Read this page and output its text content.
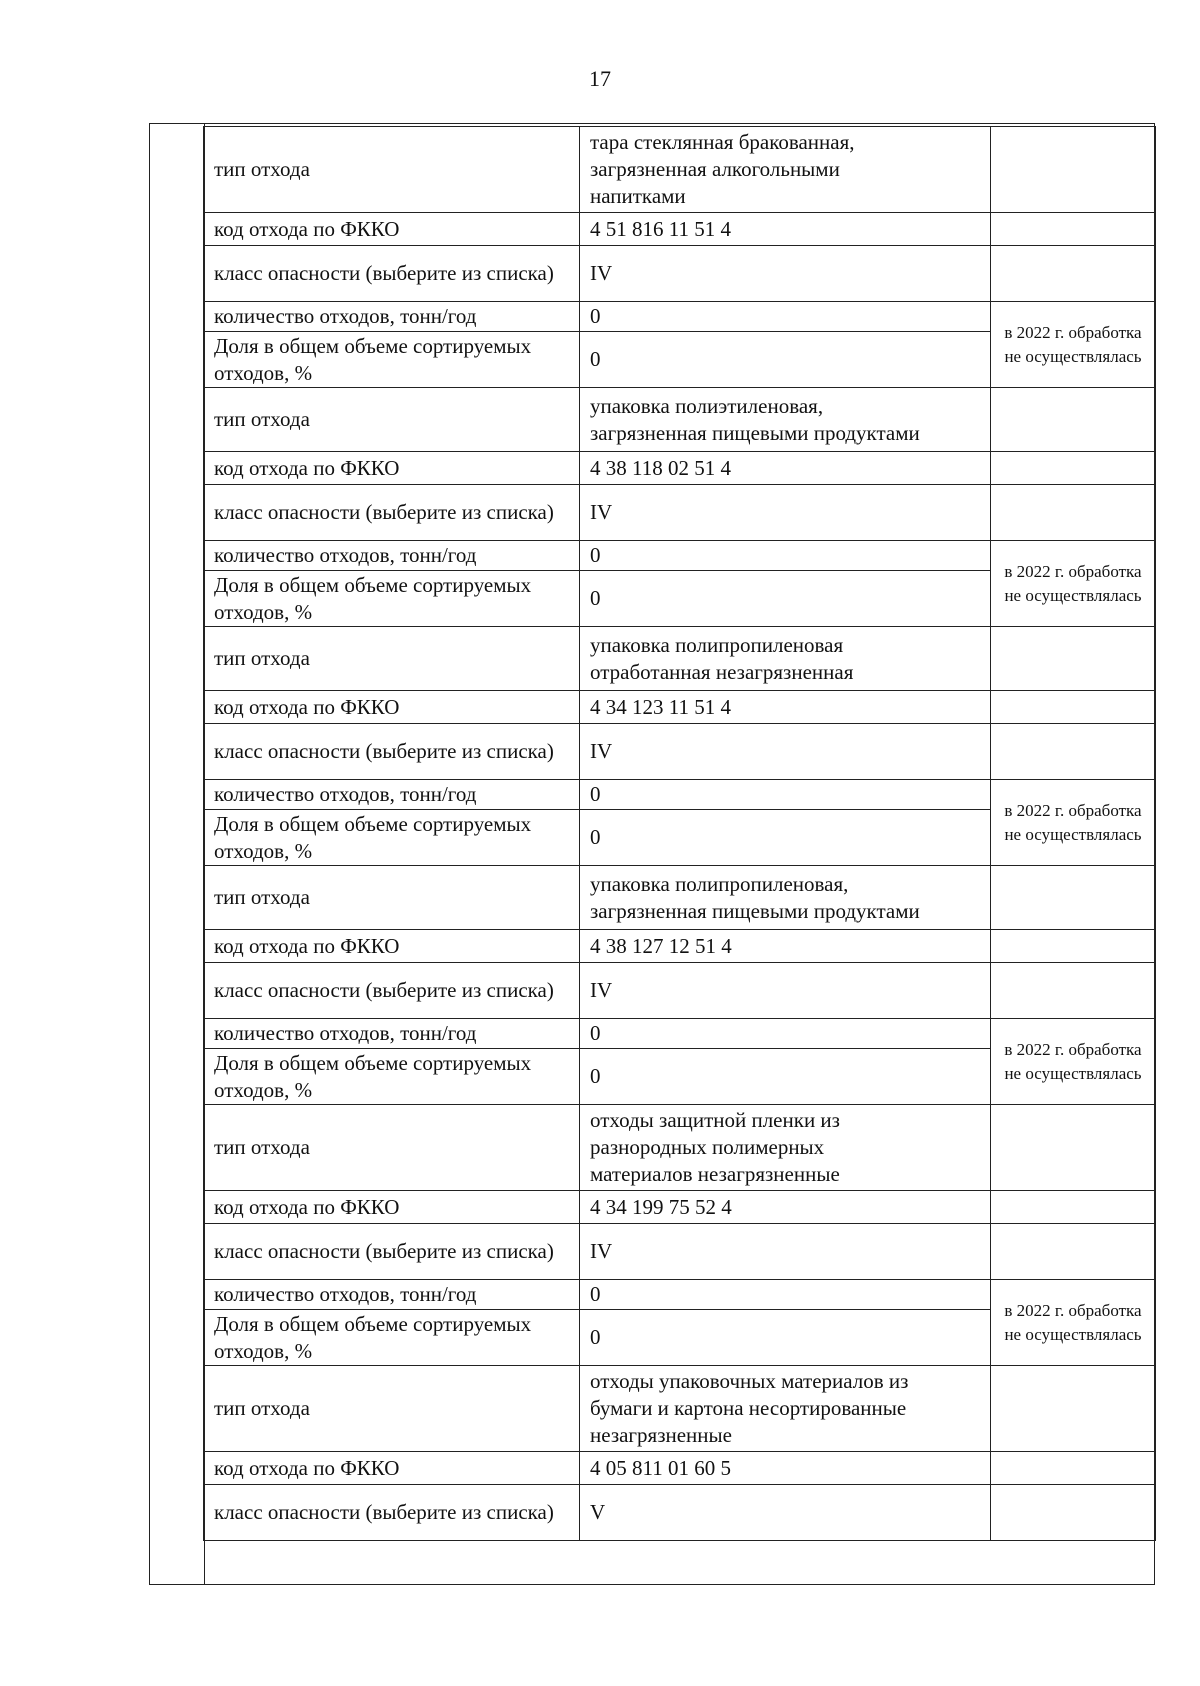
17
тип отхода	тара стеклянная бракованная,
загрязненная алкогольными
напитками	
код отхода по ФККО	4 51 816 11 51 4	
класс опасности (выберите из списка)	IV	
количество отходов, тонн/год	0	в 2022 г. обработка не осуществлялась
Доля в общем объеме сортируемых отходов, %	0	
тип отхода	упаковка полиэтиленовая,
загрязненная пищевыми продуктами	
код отхода по ФККО	4 38 118 02 51 4	
класс опасности (выберите из списка)	IV	
количество отходов, тонн/год	0	в 2022 г. обработка не осуществлялась
Доля в общем объеме сортируемых отходов, %	0	
тип отхода	упаковка полипропиленовая
отработанная незагрязненная	
код отхода по ФККО	4 34 123 11 51 4	
класс опасности (выберите из списка)	IV	
количество отходов, тонн/год	0	в 2022 г. обработка не осуществлялась
Доля в общем объеме сортируемых отходов, %	0	
тип отхода	упаковка полипропиленовая,
загрязненная пищевыми продуктами	
код отхода по ФККО	4 38 127 12 51 4	
класс опасности (выберите из списка)	IV	
количество отходов, тонн/год	0	в 2022 г. обработка не осуществлялась
Доля в общем объеме сортируемых отходов, %	0	
тип отхода	отходы защитной пленки из
разнородных полимерных
материалов незагрязненные	
код отхода по ФККО	4 34 199 75 52 4	
класс опасности (выберите из списка)	IV	
количество отходов, тонн/год	0	в 2022 г. обработка не осуществлялась
Доля в общем объеме сортируемых отходов, %	0	
тип отхода	отходы упаковочных материалов из
бумаги и картона несортированные
незагрязненные	
код отхода по ФККО	4 05 811 01 60 5	
класс опасности (выберите из списка)	V	
